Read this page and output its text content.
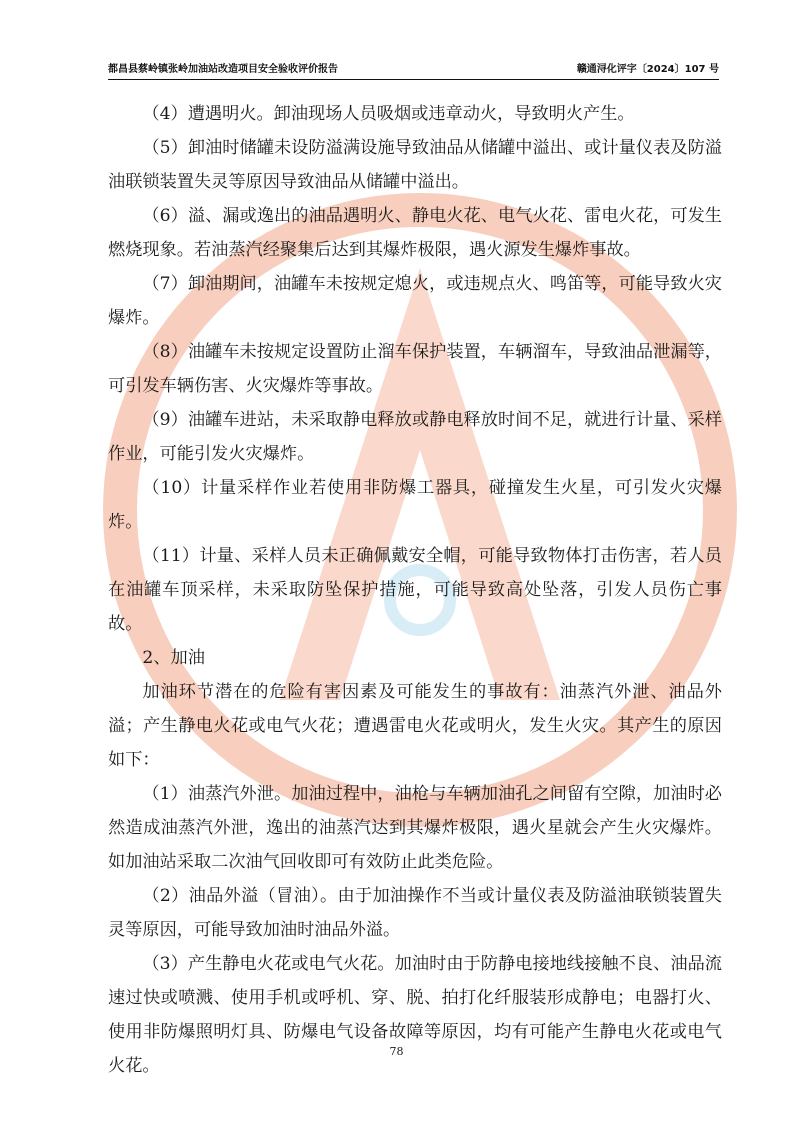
都昌县蔡岭镇张岭加油站改造项目安全验收评价报告	赣通浔化评字〔2024〕107 号

（4）遭遇明火。卸油现场人员吸烟或违章动火，导致明火产生。

（5）卸油时储罐未设防溢满设施导致油品从储罐中溢出、或计量仪表及防溢油联锁装置失灵等原因导致油品从储罐中溢出。

（6）溢、漏或逸出的油品遇明火、静电火花、电气火花、雷电火花，可发生燃烧现象。若油蒸汽经聚集后达到其爆炸极限，遇火源发生爆炸事故。

（7）卸油期间，油罐车未按规定熄火，或违规点火、鸣笛等，可能导致火灾爆炸。

（8）油罐车未按规定设置防止溜车保护装置，车辆溜车，导致油品泄漏等，可引发车辆伤害、火灾爆炸等事故。

（9）油罐车进站，未采取静电释放或静电释放时间不足，就进行计量、采样作业，可能引发火灾爆炸。

（10）计量采样作业若使用非防爆工器具，碰撞发生火星，可引发火灾爆炸。

（11）计量、采样人员未正确佩戴安全帽，可能导致物体打击伤害，若人员在油罐车顶采样，未采取防坠保护措施，可能导致高处坠落，引发人员伤亡事故。

2、加油

加油环节潜在的危险有害因素及可能发生的事故有：油蒸汽外泄、油品外溢；产生静电火花或电气火花；遭遇雷电火花或明火，发生火灾。其产生的原因如下：

（1）油蒸汽外泄。加油过程中，油枪与车辆加油孔之间留有空隙，加油时必然造成油蒸汽外泄，逸出的油蒸汽达到其爆炸极限，遇火星就会产生火灾爆炸。如加油站采取二次油气回收即可有效防止此类危险。

（2）油品外溢（冒油）。由于加油操作不当或计量仪表及防溢油联锁装置失灵等原因，可能导致加油时油品外溢。

（3）产生静电火花或电气火花。加油时由于防静电接地线接触不良、油品流速过快或喷溅、使用手机或呼机、穿、脱、拍打化纤服装形成静电；电器打火、使用非防爆照明灯具、防爆电气设备故障等原因，均有可能产生静电火花或电气火花。

78
